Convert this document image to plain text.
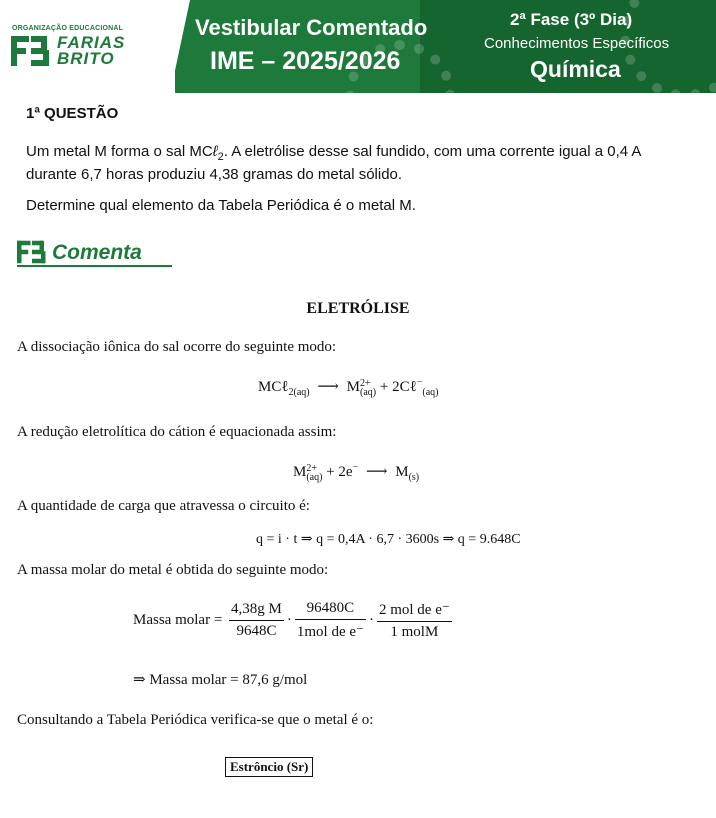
ORGANIZAÇÃO EDUCACIONAL
FARIAS
BRITO
Vestibular Comentado
IME – 2025/2026
2ª Fase (3º Dia)
Conhecimentos Específicos
Química
1ª QUESTÃO
Um metal M forma o sal MCℓ$_2$. A eletrólise desse sal fundido, com uma corrente igual a 0,4 A
durante 6,7 horas produziu 4,38 gramas do metal sólido.
Determine qual elemento da Tabela Periódica é o metal M.
Comenta
ELETRÓLISE
A dissociação iônica do sal ocorre do seguinte modo:
MCℓ$_{2(aq)}$ ⟶ M 2+
(aq) + 2Cℓ−$_{(aq)}$
A redução eletrolítica do cátion é equacionada assim:
M 2+
(aq) + 2e− ⟶ $M_{(s)}$
A quantidade de carga que atravessa o circuito é:
q = i · t ⇒ q = 0,4A · 6,7 · 3600s ⇒ q = 9.648C
A massa molar do metal é obtida do seguinte modo:
Massa molar = $\frac{\text{4,38g M}}{9648C} \cdot \frac{96480C}{\text{1mol de e⁻}} \cdot \frac{\text{2 mol de e⁻}}{\text{1 molM}}$
⇒ Massa molar = 87,6 g/mol
Consultando a Tabela Periódica verifica-se que o metal é o:
Estrôncio (Sr)
